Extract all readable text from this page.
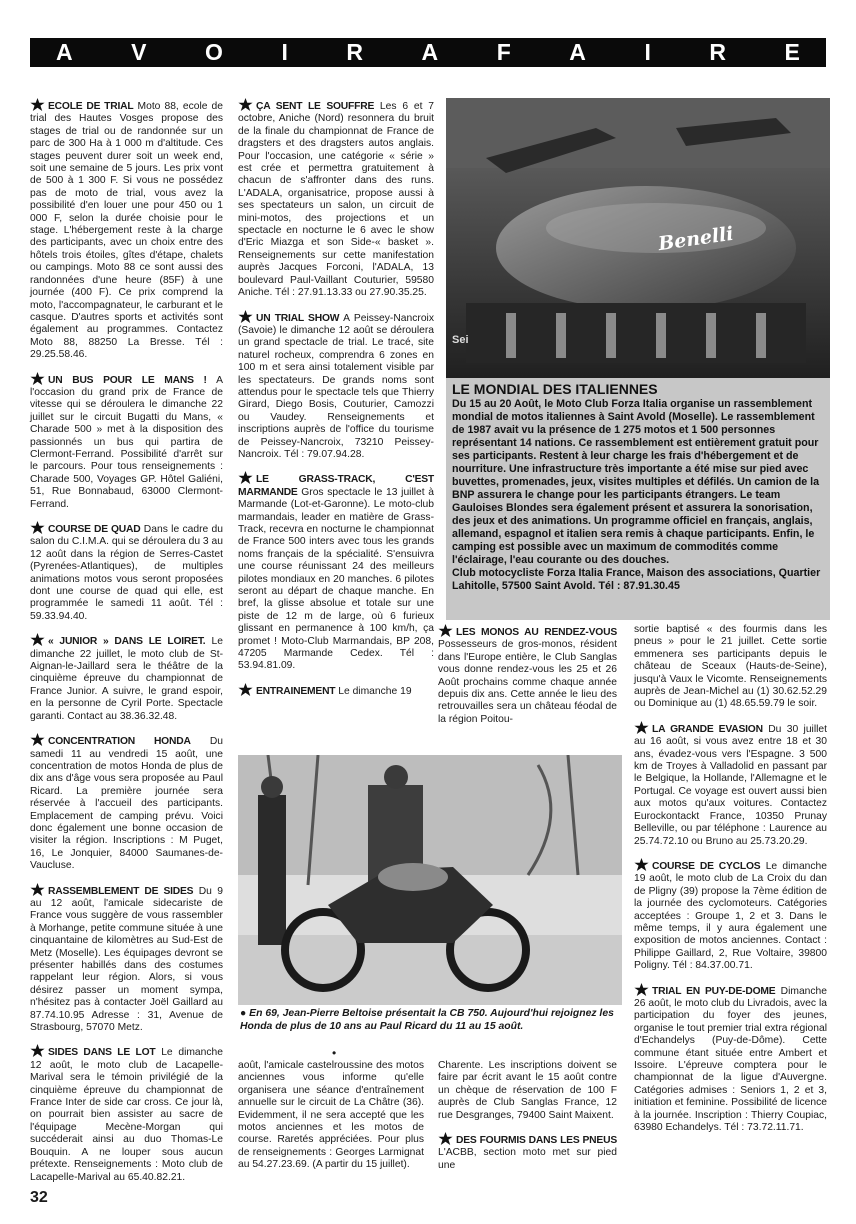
A	V	O	I	R	A	F	A	I	R	E

ECOLE DE TRIAL Moto 88, ecole de trial des Hautes Vosges propose des stages de trial ou de randonnée sur un parc de 300 Ha à 1 000 m d'altitude. Ces stages peuvent durer soit un week end, soit une semaine de 5 jours. Les prix vont de 500 à 1 300 F. Si vous ne possédez pas de moto de trial, vous avez la possibilité d'en louer une pour 450 ou 1 000 F, selon la durée choisie pour le stage. L'hébergement reste à la charge des participants, avec un choix entre des hôtels trois étoiles, gîtes d'étape, chalets ou campings. Moto 88 ce sont aussi des randonnées d'une heure (85F) à une journée (400 F). Ce prix comprend la moto, l'accompagnateur, le carburant et le casque. D'autres sports et activités sont également au programmes. Contactez Moto 88, 88250 La Bresse. Tél : 29.25.58.46.

UN BUS POUR LE MANS ! A l'occasion du grand prix de France de vitesse qui se déroulera le dimanche 22 juillet sur le circuit Bugatti du Mans, « Charade 500 » met à la disposition des passionnés un bus qui partira de Clermont-Ferrand. Possibilité d'arrêt sur le parcours. Pour tous renseignements : Charade 500, Voyages GP. Hôtel Galiéni, 51, Rue Bonnabaud, 63000 Clermont-Ferrand.

COURSE DE QUAD Dans le cadre du salon du C.I.M.A. qui se déroulera du 3 au 12 août dans la région de Serres-Castet (Pyrenées-Atlantiques), de multiples animations motos vous seront proposées dont une course de quad qui elle, est programmée le samedi 11 août. Tél : 59.33.94.40.

« JUNIOR » DANS LE LOIRET. Le dimanche 22 juillet, le moto club de St-Aignan-le-Jaillard sera le théâtre de la cinquième épreuve du championnat de France Junior. A suivre, le grand espoir, en la personne de Cyril Porte. Spectacle garanti. Contact au 38.36.32.48.

CONCENTRATION HONDA Du samedi 11 au vendredi 15 août, une concentration de motos Honda de plus de dix ans d'âge vous sera proposée au Paul Ricard. La première journée sera réservée à l'accueil des participants. Emplacement de camping prévu. Voici donc également une bonne occasion de visiter la région. Inscriptions : M Puget, 16, Le Jonquier, 84000 Saumanes-de-Vaucluse.

RASSEMBLEMENT DE SIDES Du 9 au 12 août, l'amicale sidecariste de France vous suggère de vous rassembler à Morhange, petite commune située à une cinquantaine de kilomètres au Sud-Est de Metz (Moselle). Les équipages devront se présenter habillés dans des costumes rappelant leur région. Alors, si vous désirez passer un moment sympa, n'hésitez pas à contacter Joël Gaillard au 87.74.10.95 Adresse : 31, Avenue de Strasbourg, 57070 Metz.

SIDES DANS LE LOT Le dimanche 12 août, le moto club de Lacapelle-Marival sera le témoin privilégié de la cinquième épreuve du championnat de France Inter de side car cross. Ce jour là, on pourrait bien assister au sacre de l'équipage Mecène-Morgan qui succéderait ainsi au duo Thomas-Le Bouquin. A ne louper sous aucun prétexte. Renseignements : Moto club de Lacapelle-Marival au 65.40.82.21.

ÇA SENT LE SOUFFRE Les 6 et 7 octobre, Aniche (Nord) resonnera du bruit de la finale du championnat de France de dragsters et des dragsters autos anglais. Pour l'occasion, une catégorie « série » est crée et permettra gratuitement à chacun de s'affronter dans des runs. L'ADALA, organisatrice, propose aussi à ses spectateurs un salon, un circuit de mini-motos, des projections et un spectacle en nocturne le 6 avec le show d'Eric Miazga et son Side-« basket ». Renseignements sur cette manifestation auprès Jacques Forconi, l'ADALA, 13 boulevard Paul-Vaillant Couturier, 59580 Aniche. Tél : 27.91.13.33 ou 27.90.35.25.

UN TRIAL SHOW A Peissey-Nancroix (Savoie) le dimanche 12 août se déroulera un grand spectacle de trial. Le tracé, site naturel rocheux, comprendra 6 zones en 100 m et sera ainsi totalement visible par les spectateurs. De grands noms sont attendus pour le spectacle tels que Thierry Girard, Diego Bosis, Couturier, Camozzi ou Vaudey. Renseignements et inscriptions auprès de l'office du tourisme de Peissey-Nancroix, 73210 Peissey-Nancroix. Tél : 79.07.94.28.

LE GRASS-TRACK, C'EST MARMANDE Gros spectacle le 13 juillet à Marmande (Lot-et-Garonne). Le moto-club marmandais, leader en matière de Grass-Track, recevra en nocturne le championnat de France 500 inters avec tous les grands noms français de la spécialité. S'ensuivra une course réunissant 24 des meilleurs pilotes mondiaux en 20 manches. 6 pilotes seront au départ de chaque manche. En bref, la glisse absolue et totale sur une piste de 12 m de large, où 6 furieux glissant en permanence à 100 km/h, ça promet ! Moto-Club Marmandais, BP 208, 47205 Marmande Cedex. Tél : 53.94.81.09.

ENTRAINEMENT Le dimanche 19

Benelli
Sei
LE MONDIAL DES ITALIENNES
Du 15 au 20 Août, le Moto Club Forza Italia organise un rassemblement mondial de motos italiennes à Saint Avold (Moselle). Le rassemblement de 1987 avait vu la présence de 1 275 motos et 1 500 personnes représentant 14 nations. Ce rassemblement est entièrement gratuit pour ses participants. Restent à leur charge les frais d'hébergement et de nourriture. Une infrastructure très importante a été mise sur pied avec buvettes, promenades, jeux, visites multiples et défilés. Un camion de la BNP assurera le change pour les participants étrangers. Le team Gauloises Blondes sera également présent et assurera la sonorisation, des jeux et des animations. Un programme officiel en français, anglais, allemand, espagnol et italien sera remis à chaque participants. Enfin, le camping est possible avec un maximum de commodités comme l'éclairage, l'eau courante ou des douches.
Club motocycliste Forza Italia France, Maison des associations, Quartier Lahitolle, 57500 Saint Avold. Tél : 87.91.30.45

LES MONOS AU RENDEZ-VOUS Possesseurs de gros-monos, résident dans l'Europe entière, le Club Sanglas vous donne rendez-vous les 25 et 26 Août prochains comme chaque année depuis dix ans. Cette année le lieu des retrouvailles sera un château féodal de la région Poitou-

sortie baptisé « des fourmis dans les pneus » pour le 21 juillet. Cette sortie emmenera ses participants depuis le château de Sceaux (Hauts-de-Seine), jusqu'à Vaux le Vicomte. Renseignements auprès de Jean-Michel au (1) 30.62.52.29 ou Dominique au (1) 48.65.59.79 le soir.

LA GRANDE EVASION Du 30 juillet au 16 août, si vous avez entre 18 et 30 ans, évadez-vous vers l'Espagne. 3 500 km de Troyes à Valladolid en passant par le Belgique, la Hollande, l'Allemagne et le Portugal. Ce voyage est ouvert aussi bien aux motos qu'aux voitures. Contactez Eurockontackt France, 10350 Prunay Belleville, ou par téléphone : Laurence au 25.74.72.10 ou Bruno au 25.73.20.29.

COURSE DE CYCLOS Le dimanche 19 août, le moto club de La Croix du dan de Pligny (39) propose la 7ème édition de la journée des cyclomoteurs. Catégories acceptées : Groupe 1, 2 et 3. Dans le même temps, il y aura également une exposition de motos anciennes. Contact : Philippe Gaillard, 2, Rue Voltaire, 39800 Poligny. Tél : 84.37.00.71.

TRIAL EN PUY-DE-DOME Dimanche 26 août, le moto club du Livradois, avec la participation du foyer des jeunes, organise le tout premier trial extra régional d'Echandelys (Puy-de-Dôme). Cette commune étant située entre Ambert et Issoire. L'épreuve comptera pour le championnat de la ligue d'Auvergne. Catégories admises : Seniors 1, 2 et 3, initiation et feminine. Possibilité de licence à la journée. Inscription : Thierry Coupiac, 63980 Echandelys. Tél : 73.72.11.71.

● En 69, Jean-Pierre Beltoise présentait la CB 750. Aujourd'hui rejoignez les Honda de plus de 10 ans au Paul Ricard du 11 au 15 août.
•

août, l'amicale castelroussine des motos anciennes vous informe qu'elle organisera une séance d'entraînement annuelle sur le circuit de La Châtre (36). Evidemment, il ne sera accepté que les motos anciennes et les motos de course. Raretés appréciées. Pour plus de renseignements : Georges Larmignat au 54.27.23.69. (A partir du 15 juillet).

Charente. Les inscriptions doivent se faire par écrit avant le 15 août contre un chèque de réservation de 100 F auprès de Club Sanglas France, 12 rue Desgranges, 79400 Saint Maixent.

DES FOURMIS DANS LES PNEUS L'ACBB, section moto met sur pied une

32
